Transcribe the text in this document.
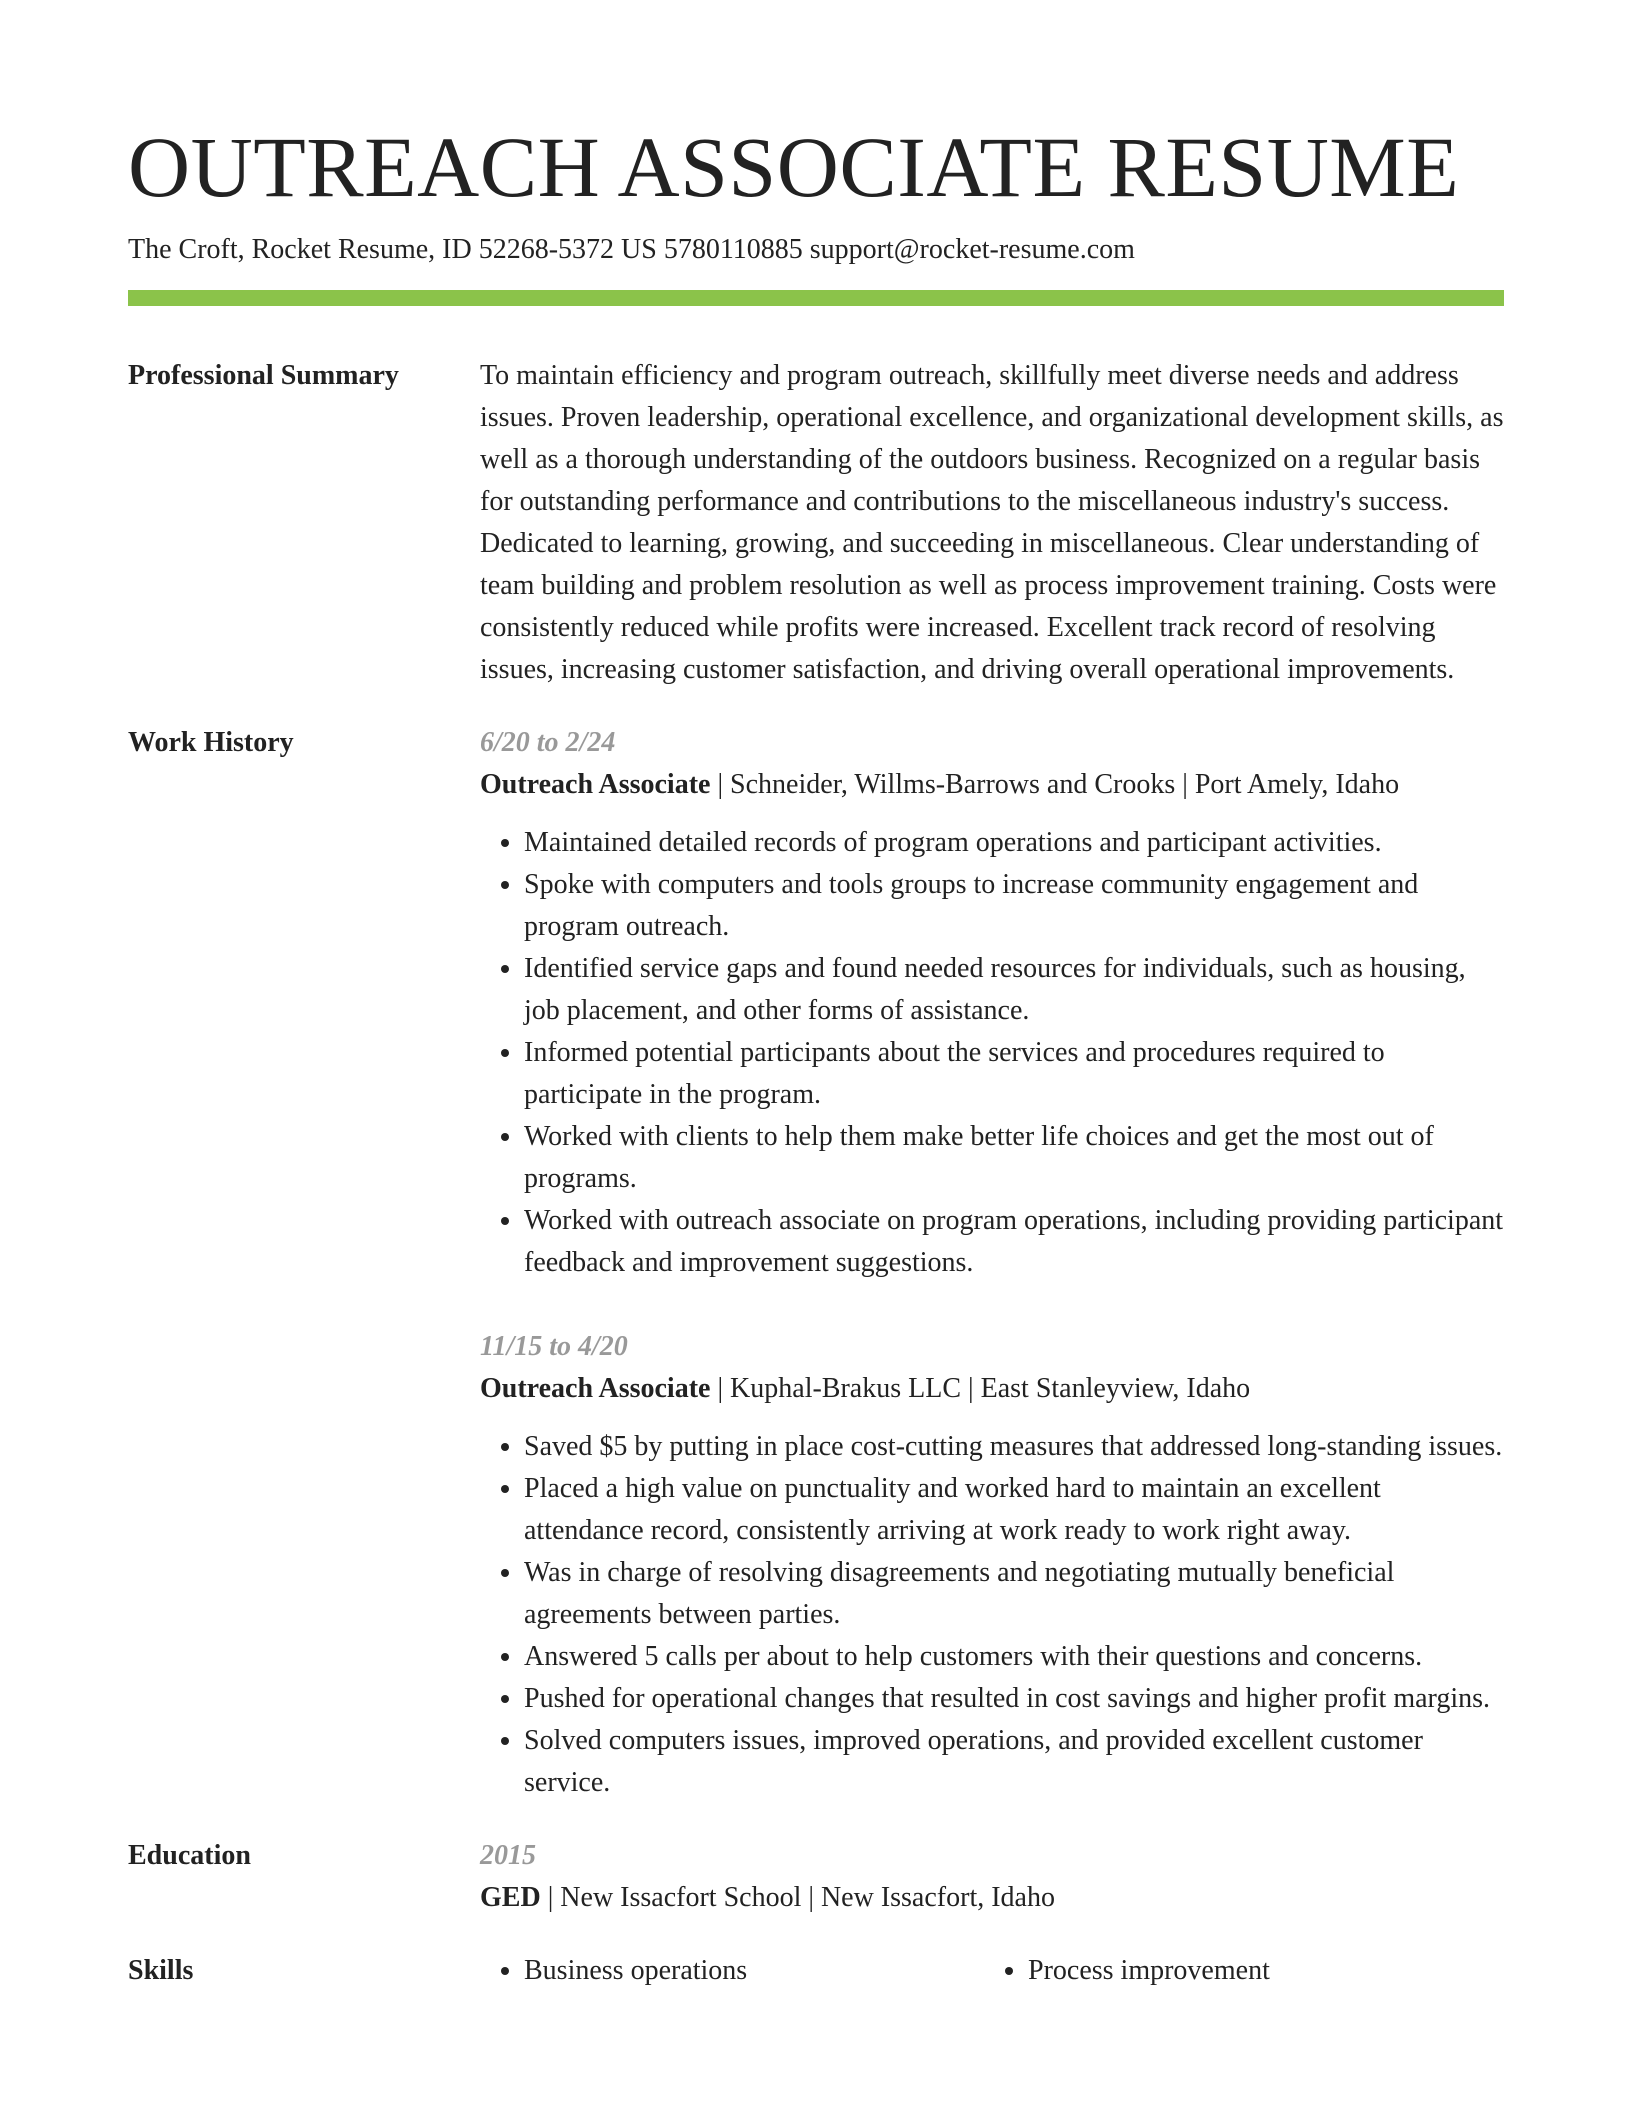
OUTREACH ASSOCIATE RESUME
The Croft, Rocket Resume, ID 52268-5372 US 5780110885 support@rocket-resume.com
Professional Summary	To maintain efficiency and program outreach, skillfully meet diverse needs and address issues. Proven leadership, operational excellence, and organizational development skills, as well as a thorough understanding of the outdoors business. Recognized on a regular basis for outstanding performance and contributions to the miscellaneous industry's success. Dedicated to learning, growing, and succeeding in miscellaneous. Clear understanding of team building and problem resolution as well as process improvement training. Costs were consistently reduced while profits were increased. Excellent track record of resolving issues, increasing customer satisfaction, and driving overall operational improvements.
Work History	6/20 to 2/24
Outreach Associate | Schneider, Willms-Barrows and Crooks | Port Amely, Idaho
• Maintained detailed records of program operations and participant activities.
• Spoke with computers and tools groups to increase community engagement and program outreach.
• Identified service gaps and found needed resources for individuals, such as housing, job placement, and other forms of assistance.
• Informed potential participants about the services and procedures required to participate in the program.
• Worked with clients to help them make better life choices and get the most out of programs.
• Worked with outreach associate on program operations, including providing participant feedback and improvement suggestions.
11/15 to 4/20
Outreach Associate | Kuphal-Brakus LLC | East Stanleyview, Idaho
• Saved $5 by putting in place cost-cutting measures that addressed long-standing issues.
• Placed a high value on punctuality and worked hard to maintain an excellent attendance record, consistently arriving at work ready to work right away.
• Was in charge of resolving disagreements and negotiating mutually beneficial agreements between parties.
• Answered 5 calls per about to help customers with their questions and concerns.
• Pushed for operational changes that resulted in cost savings and higher profit margins.
• Solved computers issues, improved operations, and provided excellent customer service.
Education	2015
GED | New Issacfort School | New Issacfort, Idaho
Skills	• Business operations	• Process improvement
